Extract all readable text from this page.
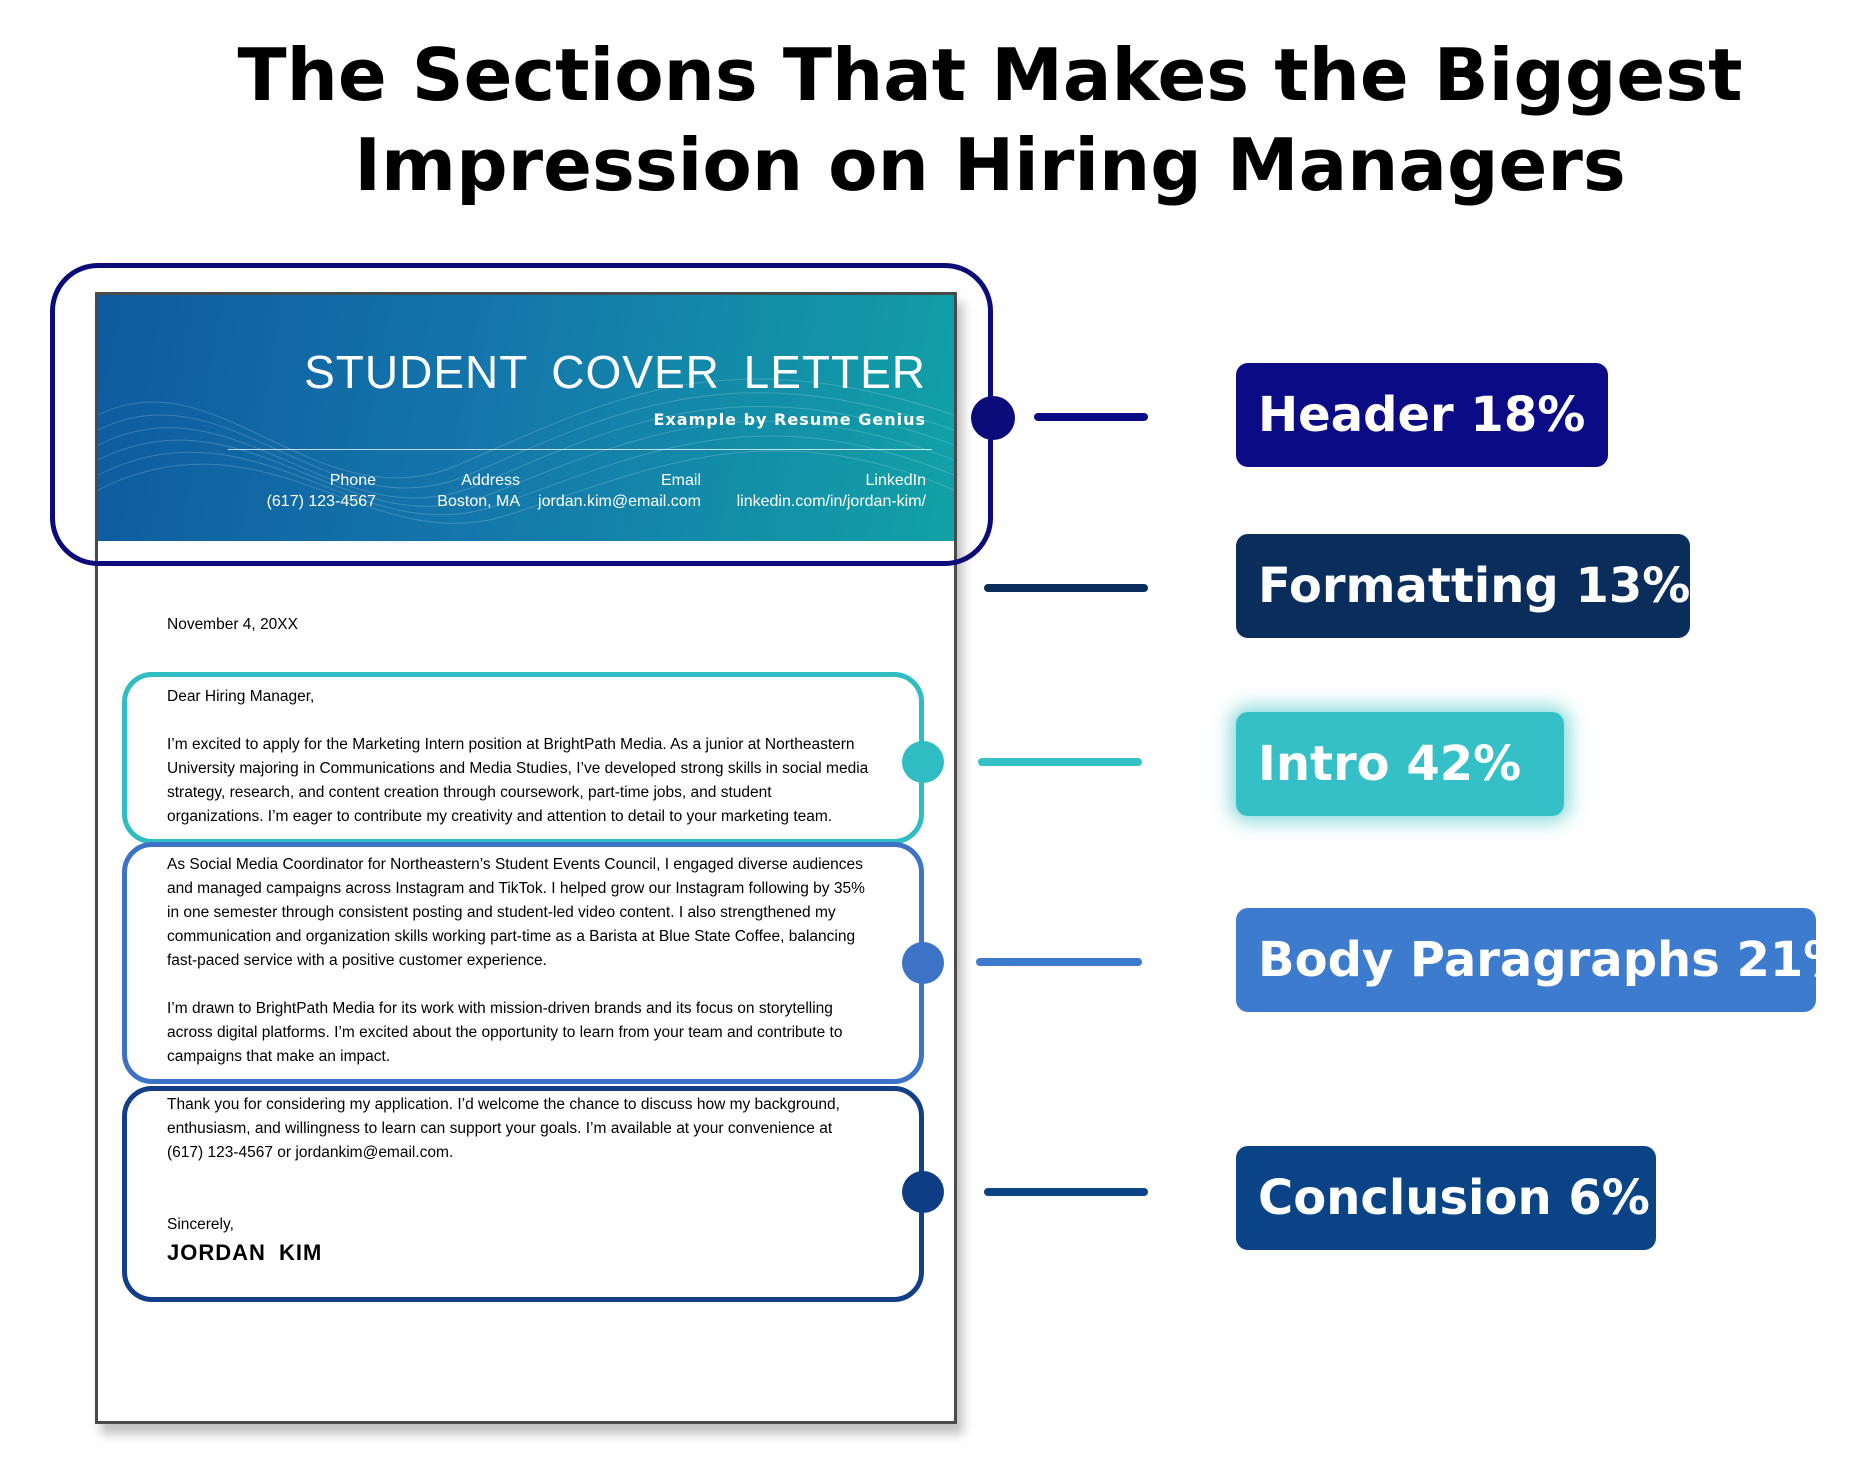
The Sections That Makes the Biggest
Impression on Hiring Managers
STUDENT COVER LETTER
Example by Resume Genius
Phone
(617) 123-4567
Address
Boston, MA
Email
jordan.kim@email.com
LinkedIn
linkedin.com/in/jordan-kim/
November 4, 20XX
Dear Hiring Manager,
I’m excited to apply for the Marketing Intern position at BrightPath Media. As a junior at Northeastern
University majoring in Communications and Media Studies, I’ve developed strong skills in social media
strategy, research, and content creation through coursework, part-time jobs, and student
organizations. I’m eager to contribute my creativity and attention to detail to your marketing team.
As Social Media Coordinator for Northeastern’s Student Events Council, I engaged diverse audiences
and managed campaigns across Instagram and TikTok. I helped grow our Instagram following by 35%
in one semester through consistent posting and student-led video content. I also strengthened my
communication and organization skills working part-time as a Barista at Blue State Coffee, balancing
fast-paced service with a positive customer experience.
I’m drawn to BrightPath Media for its work with mission-driven brands and its focus on storytelling
across digital platforms. I’m excited about the opportunity to learn from your team and contribute to
campaigns that make an impact.
Thank you for considering my application. I’d welcome the chance to discuss how my background,
enthusiasm, and willingness to learn can support your goals. I’m available at your convenience at
(617) 123-4567 or jordankim@email.com.
Sincerely,
JORDAN KIM
Header 18%
Formatting 13%
Intro 42%
Body Paragraphs 21%
Conclusion 6%
